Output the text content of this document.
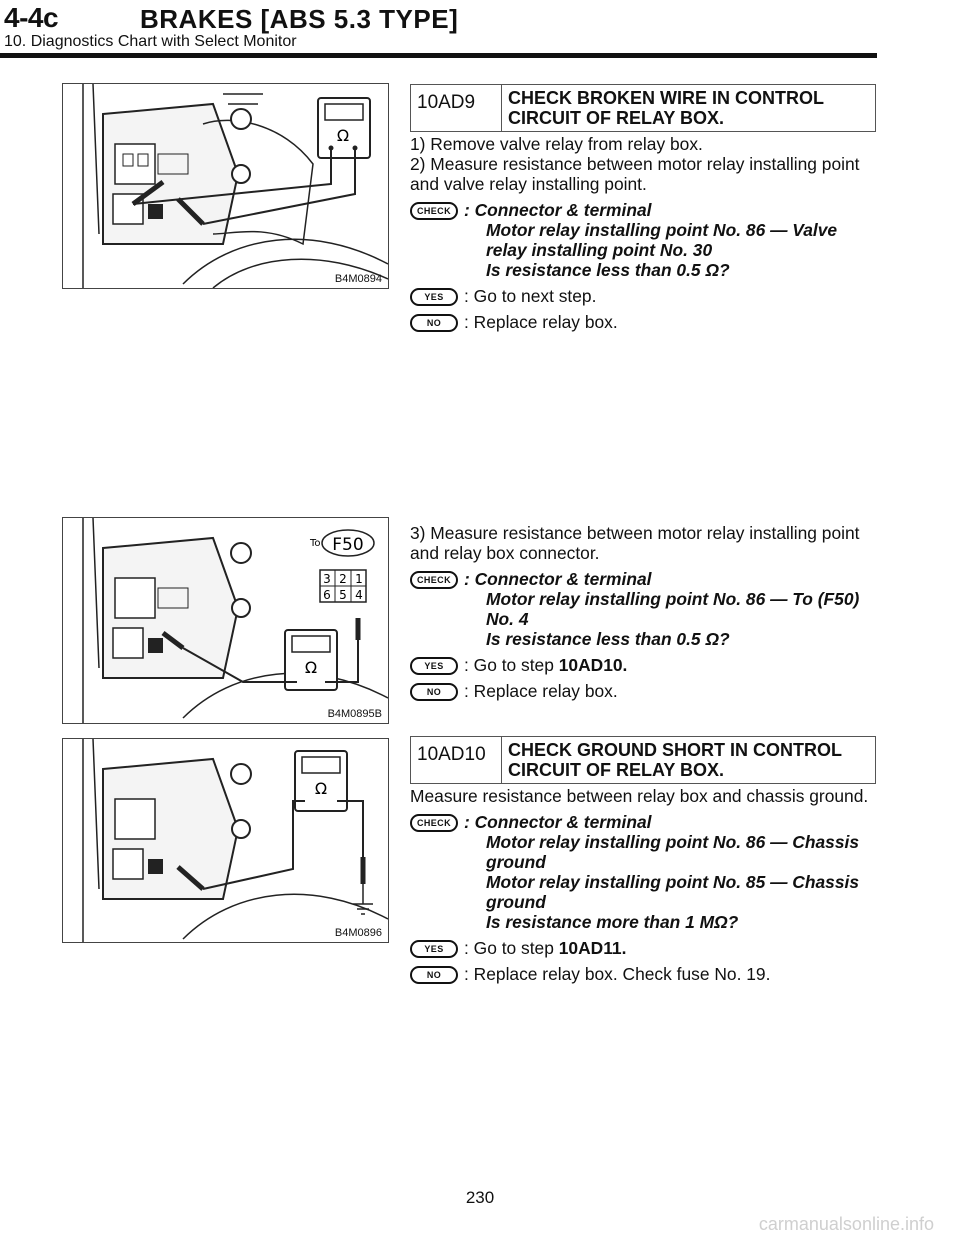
4-4c	BRAKES [ABS 5.3 TYPE]
10. Diagnostics Chart with Select Monitor
Ω
B4M0894
To F50
3 2 1
6 5 4
Ω
B4M0895B
Ω
B4M0896
10AD9	CHECK BROKEN WIRE IN CONTROL CIRCUIT OF RELAY BOX.

1) Remove valve relay from relay box.

2) Measure resistance between motor relay installing point and valve relay installing point.

CHECK : Connector & terminal
Motor relay installing point No. 86 — Valve relay installing point No. 30
Is resistance less than 0.5 Ω?
YES	: Go to next step.
NO	: Replace relay box.

3) Measure resistance between motor relay installing point and relay box connector.

CHECK : Connector & terminal
Motor relay installing point No. 86 — To (F50) No. 4
Is resistance less than 0.5 Ω?
YES	: Go to step 10AD10.
NO	: Replace relay box.
10AD10	CHECK GROUND SHORT IN CONTROL CIRCUIT OF RELAY BOX.

Measure resistance between relay box and chassis ground.

CHECK : Connector & terminal
Motor relay installing point No. 86 — Chassis ground
Motor relay installing point No. 85 — Chassis ground
Is resistance more than 1 MΩ?
YES	: Go to step 10AD11.
NO	: Replace relay box. Check fuse No. 19.
230
carmanualsonline.info
